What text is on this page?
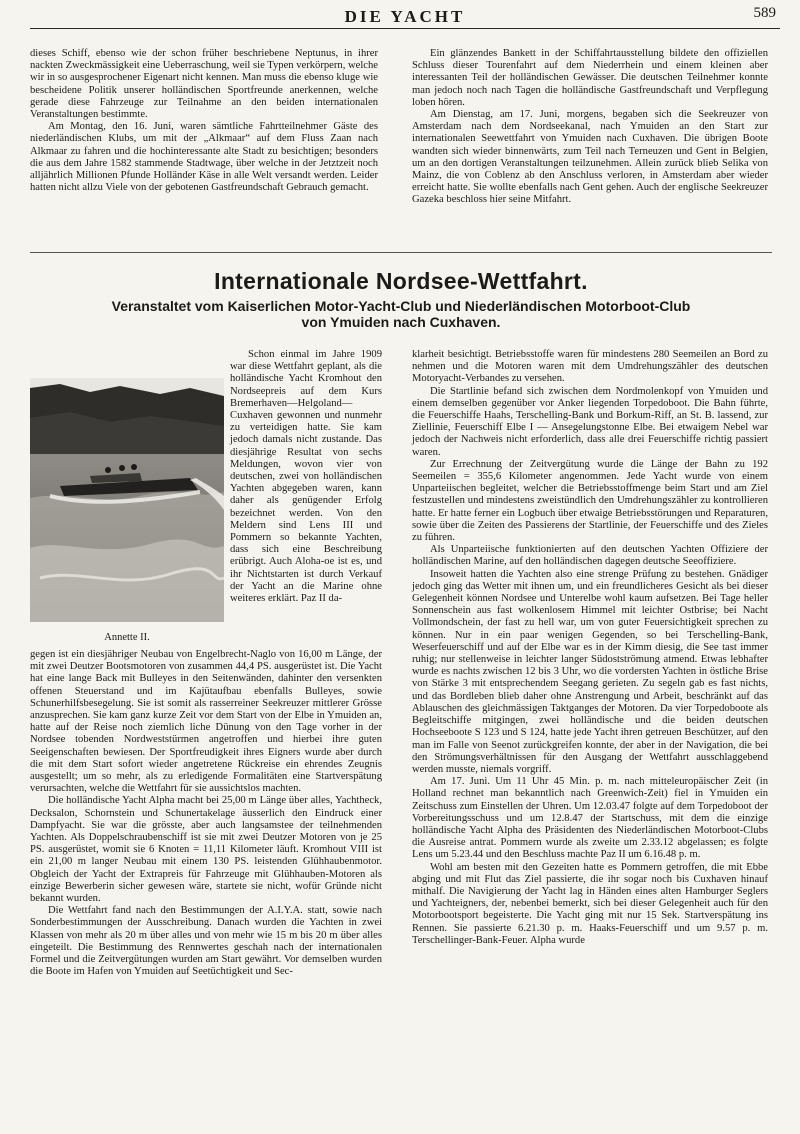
DIE YACHT	589

dieses Schiff, ebenso wie der schon früher beschriebene Neptunus, in ihrer nackten Zweckmässigkeit eine Ueberraschung, weil sie Typen verkörpern, welche wir in so ausgesprochener Eigenart nicht kennen. Man muss die ebenso kluge wie bescheidene Politik unserer holländischen Sportfreunde anerkennen, welche gerade diese Fahrzeuge zur Teilnahme an den beiden internationalen Veranstaltungen bestimmte.

Am Montag, den 16. Juni, waren sämtliche Fahrtteilnehmer Gäste des niederländischen Klubs, um mit der „Alkmaar“ auf dem Fluss Zaan nach Alkmaar zu fahren und die hochinteressante alte Stadt zu besichtigen; besonders die aus dem Jahre 1582 stammende Stadtwage, über welche in der Jetztzeit noch alljährlich Millionen Pfunde Holländer Käse in alle Welt versandt werden. Leider hatten nicht allzu Viele von der gebotenen Gastfreundschaft Gebrauch gemacht.

Ein glänzendes Bankett in der Schiffahrtausstellung bildete den offiziellen Schluss dieser Tourenfahrt auf dem Niederrhein und einem kleinen aber interessanten Teil der holländischen Gewässer. Die deutschen Teilnehmer konnte man jedoch noch nach Tagen die holländische Gastfreundschaft und Verpflegung loben hören.

Am Dienstag, am 17. Juni, morgens, begaben sich die Seekreuzer von Amsterdam nach dem Nordseekanal, nach Ymuiden an den Start zur internationalen Seewettfahrt von Ymuiden nach Cuxhaven. Die übrigen Boote wandten sich wieder binnenwärts, zum Teil nach Terneuzen und Gent in Belgien, um an den dortigen Veranstaltungen teilzunehmen. Allein zurück blieb Selika von Mainz, die von Coblenz ab den Anschluss verloren, in Amsterdam aber wieder erreicht hatte. Sie wollte ebenfalls nach Gent gehen. Auch der englische Seekreuzer Gazeka beschloss hier seine Mitfahrt.

Internationale Nordsee-Wettfahrt.
Veranstaltet vom Kaiserlichen Motor-Yacht-Club und Niederländischen Motorboot-Club
von Ymuiden nach Cuxhaven.
Annette II.

Schon einmal im Jahre 1909 war diese Wettfahrt geplant, als die holländische Yacht Kromhout den Nordseepreis auf dem Kurs Bremerhaven—Helgoland—Cuxhaven gewonnen und nunmehr zu verteidigen hatte. Sie kam jedoch damals nicht zustande. Das diesjährige Resultat von sechs Meldungen, wovon vier von deutschen, zwei von holländischen Yachten abgegeben waren, kann daher als genügender Erfolg bezeichnet werden. Von den Meldern sind Lens III und Pommern so bekannte Yachten, dass sich eine Beschreibung erübrigt. Auch Aloha-oe ist es, und ihr Nichtstarten ist durch Verkauf der Yacht an die Marine ohne weiteres erklärt. Paz II da-

gegen ist ein diesjähriger Neubau von Engelbrecht-Naglo von 16,00 m Länge, der mit zwei Deutzer Bootsmotoren von zusammen 44,4 PS. ausgerüstet ist. Die Yacht hat eine lange Back mit Bulleyes in den Seitenwänden, dahinter den versenkten offenen Steuerstand und im Kajütaufbau ebenfalls Bulleyes, sowie Schunerhilfsbesegelung. Sie ist somit als rasserreiner Seekreuzer mittlerer Grösse anzusprechen. Sie kam ganz kurze Zeit vor dem Start von der Elbe in Ymuiden an, hatte auf der Reise noch ziemlich liche Dünung von den Tage vorher in der Nordsee tobenden Nordweststürmen angetroffen und hierbei ihre guten Seeigenschaften bewiesen. Der Sportfreudigkeit ihres Eigners wurde aber durch die mit dem Start sofort wieder angetretene Rückreise ein ehrendes Zeugnis ausgestellt; um so mehr, als zu erledigende Formalitäten eine Startverspätung verursachten, welche die Wettfahrt für sie aussichtslos machten.

Die holländische Yacht Alpha macht bei 25,00 m Länge über alles, Yachtheck, Decksalon, Schornstein und Schunertakelage äusserlich den Eindruck einer Dampfyacht. Sie war die grösste, aber auch langsamstee der teilnehmenden Yachten. Als Doppelschraubenschiff ist sie mit zwei Deutzer Motoren von je 25 PS. ausgerüstet, womit sie 6 Knoten = 11,11 Kilometer läuft. Kromhout VIII ist ein 21,00 m langer Neubau mit einem 130 PS. leistenden Glühhaubenmotor. Obgleich der Yacht der Extrapreis für Fahrzeuge mit Glühhauben-Motoren als einzige Bewerberin sicher gewesen wäre, startete sie nicht, wofür Gründe nicht bekannt wurden.

Die Wettfahrt fand nach den Bestimmungen der A.I.Y.A. statt, sowie nach Sonderbestimmungen der Ausschreibung. Danach wurden die Yachten in zwei Klassen von mehr als 20 m über alles und von mehr wie 15 m bis 20 m über alles eingeteilt. Die Bestimmung des Rennwertes geschah nach der internationalen Formel und die Zeitvergütungen wurden am Start gewährt. Vor demselben wurden die Boote im Hafen von Ymuiden auf Seetüchtigkeit und Sec-

klarheit besichtigt. Betriebsstoffe waren für mindestens 280 Seemeilen an Bord zu nehmen und die Motoren waren mit dem Umdrehungszähler des deutschen Motoryacht-Verbandes zu versehen.

Die Startlinie befand sich zwischen dem Nordmolenkopf von Ymuiden und einem demselben gegenüber vor Anker liegenden Torpedoboot. Die Bahn führte, die Feuerschiffe Haahs, Terschelling-Bank und Borkum-Riff, an St. B. lassend, zur Ziellinie, Feuerschiff Elbe I — Ansegelungstonne Elbe. Bei etwaigem Nebel war jedoch der Nachweis nicht erforderlich, dass alle drei Feuerschiffe richtig passiert waren.

Zur Errechnung der Zeitvergütung wurde die Länge der Bahn zu 192 Seemeilen = 355,6 Kilometer angenommen. Jede Yacht wurde von einem Unparteiischen begleitet, welcher die Betriebsstoffmenge beim Start und am Ziel festzustellen und mindestens zweistündlich den Umdrehungszähler zu kontrollieren hatte. Er hatte ferner ein Logbuch über etwaige Betriebsstörungen und Reparaturen, sowie über die Zeiten des Passierens der Startlinie, der Feuerschiffe und des Zieles zu führen.

Als Unparteiische funktionierten auf den deutschen Yachten Offiziere der holländischen Marine, auf den holländischen dagegen deutsche Seeoffiziere.

Insoweit hatten die Yachten also eine strenge Prüfung zu bestehen. Gnädiger jedoch ging das Wetter mit ihnen um, und ein freundlicheres Gesicht als bei dieser Gelegenheit können Nordsee und Unterelbe wohl kaum aufsetzen. Bei Tage heller Sonnenschein aus fast wolkenlosem Himmel mit leichter Ostbrise; bei Nacht Vollmondschein, der fast zu hell war, um von guter Feuersichtigkeit sprechen zu können. Nur in ein paar wenigen Gegenden, so bei Terschelling-Bank, Weserfeuerschiff und auf der Elbe war es in der Kimm diesig, die See tast immer ruhig; nur stellenweise in leichter langer Südostströmung atmend. Etwas lebhafter wurde es nachts zwischen 12 bis 3 Uhr, wo die vordersten Yachten in östliche Brise von Stärke 3 mit entsprechendem Seegang gerieten. Zu segeln gab es fast nichts, und das Bordleben blieb daher ohne Anstrengung und Arbeit, beschränkt auf das Ablauschen des gleichmässigen Taktganges der Motoren. Da vier Torpedoboote als Begleitschiffe mitgingen, zwei holländische und die beiden deutschen Hochseeboote S 123 und S 124, hatte jede Yacht ihren getreuen Beschützer, auf den man im Falle von Seenot zurückgreifen konnte, der aber in der Navigation, die bei den Strömungsverhältnissen für den Ausgang der Wettfahrt ausschlaggebend werden musste, niemals vorgriff.

Am 17. Juni. Um 11 Uhr 45 Min. p. m. nach mitteleuropäischer Zeit (in Holland rechnet man bekanntlich nach Greenwich-Zeit) fiel in Ymuiden ein Zeitschuss zum Einstellen der Uhren. Um 12.03.47 folgte auf dem Torpedoboot der Vorbereitungsschuss und um 12.8.47 der Startschuss, mit dem die einzige holländische Yacht Alpha des Präsidenten des Niederländischen Motorboot-Clubs die Ausreise antrat. Pommern wurde als zweite um 2.33.12 abgelassen; es folgte Lens um 5.23.44 und den Beschluss machte Paz II um 6.16.48 p. m.

Wohl am besten mit den Gezeiten hatte es Pommern getroffen, die mit Ebbe abging und mit Flut das Ziel passierte, die ihr sogar noch bis Cuxhaven hinauf mithalf. Die Navigierung der Yacht lag in Händen eines alten Hamburger Seglers und Yachteigners, der, nebenbei bemerkt, sich bei dieser Gelegenheit auch für den Motorbootsport begeisterte. Die Yacht ging mit nur 15 Sek. Startverspätung ins Rennen. Sie passierte 6.21.30 p. m. Haaks-Feuerschiff und um 9.57 p. m. Terschellinger-Bank-Feuer. Alpha wurde
